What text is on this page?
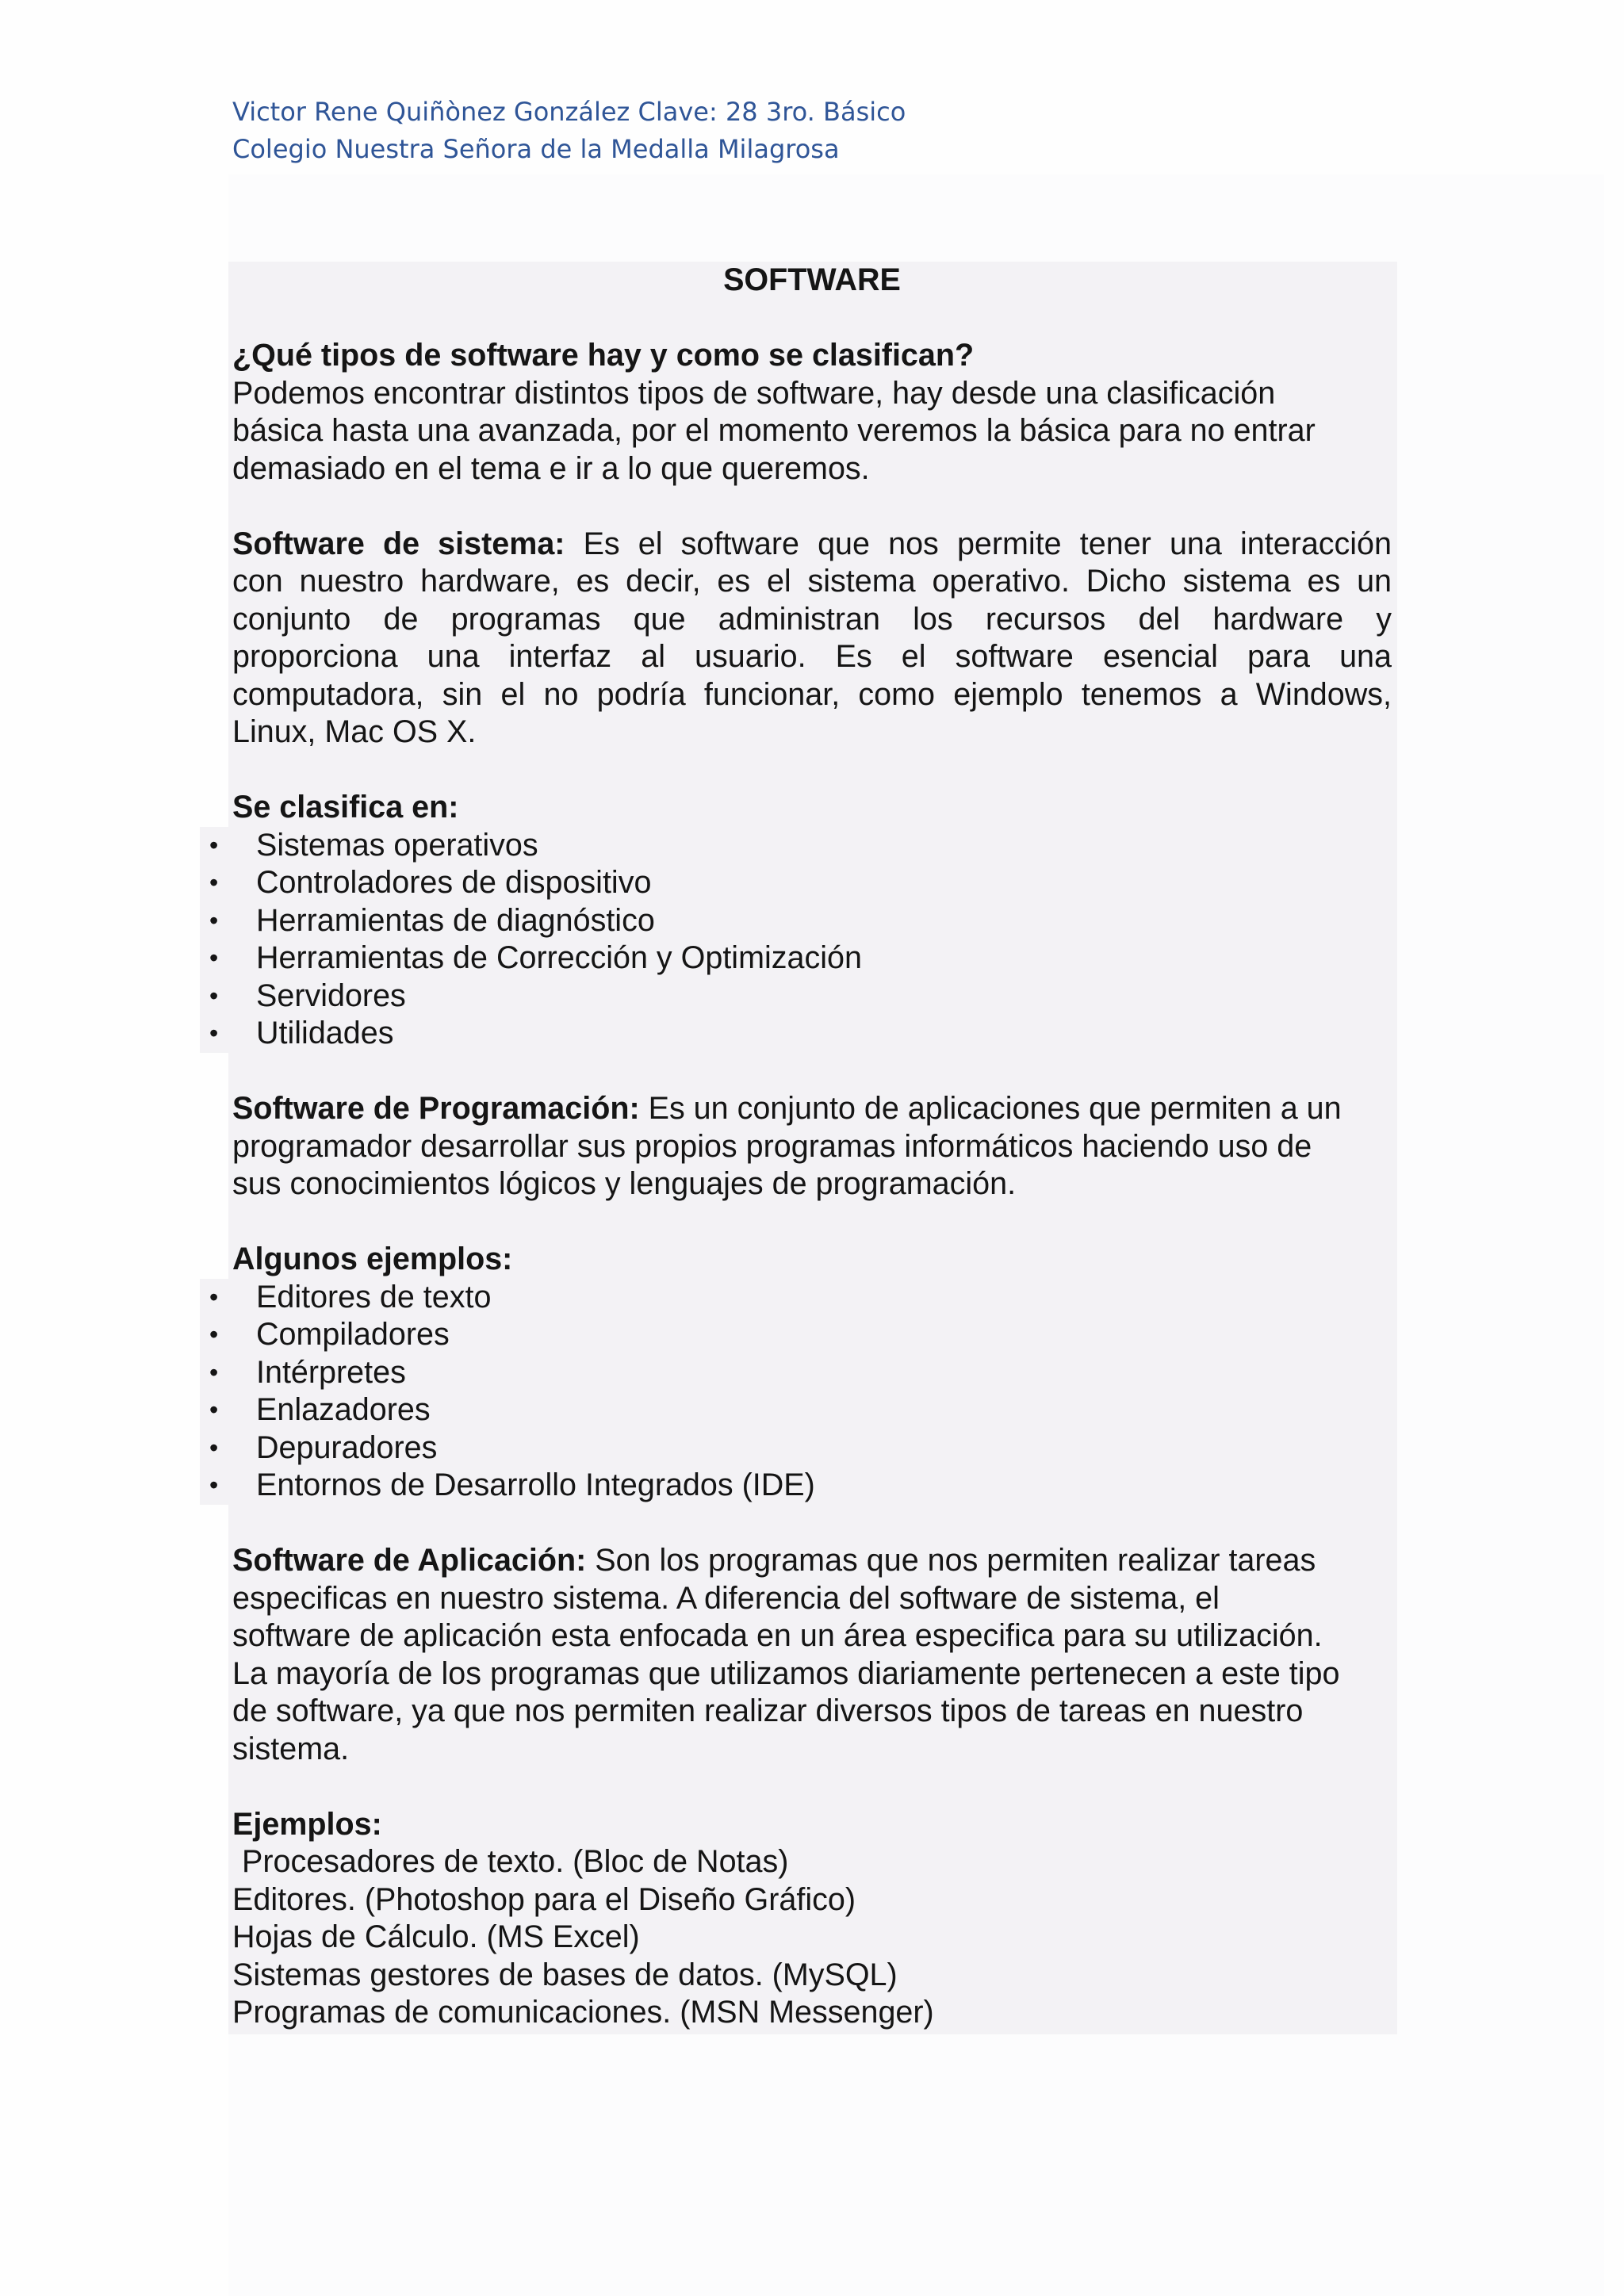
Victor Rene Quiñònez González Clave: 28 3ro. Básico
Colegio Nuestra Señora de la Medalla Milagrosa
SOFTWARE
¿Qué tipos de software hay y como se clasifican?
Podemos encontrar distintos tipos de software, hay desde una clasificación
básica hasta una avanzada, por el momento veremos la básica para no entrar
demasiado en el tema e ir a lo que queremos.
Software de sistema: Es el software que nos permite tener una interacción
con nuestro hardware, es decir, es el sistema operativo. Dicho sistema es un
conjunto de programas que administran los recursos del hardware y
proporciona una interfaz al usuario. Es el software esencial para una
computadora, sin el no podría funcionar, como ejemplo tenemos a Windows,
Linux, Mac OS X.
Se clasifica en:
• Sistemas operativos
• Controladores de dispositivo
• Herramientas de diagnóstico
• Herramientas de Corrección y Optimización
• Servidores
• Utilidades
Software de Programación: Es un conjunto de aplicaciones que permiten a un
programador desarrollar sus propios programas informáticos haciendo uso de
sus conocimientos lógicos y lenguajes de programación.
Algunos ejemplos:
• Editores de texto
• Compiladores
• Intérpretes
• Enlazadores
• Depuradores
• Entornos de Desarrollo Integrados (IDE)
Software de Aplicación: Son los programas que nos permiten realizar tareas
especificas en nuestro sistema. A diferencia del software de sistema, el
software de aplicación esta enfocada en un área especifica para su utilización.
La mayoría de los programas que utilizamos diariamente pertenecen a este tipo
de software, ya que nos permiten realizar diversos tipos de tareas en nuestro
sistema.
Ejemplos:
Procesadores de texto. (Bloc de Notas)
Editores. (Photoshop para el Diseño Gráfico)
Hojas de Cálculo. (MS Excel)
Sistemas gestores de bases de datos. (MySQL)
Programas de comunicaciones. (MSN Messenger)
